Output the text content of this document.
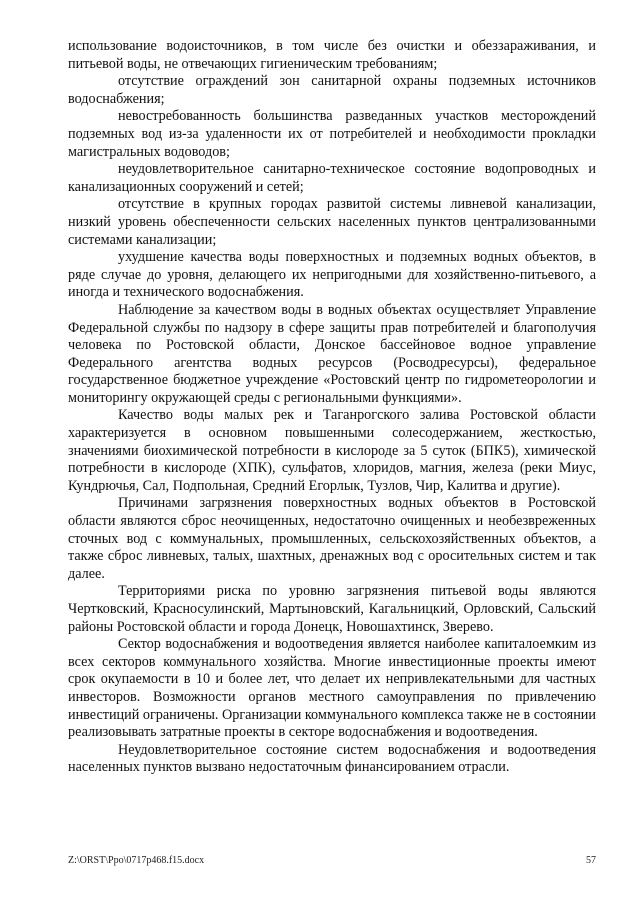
использование водоисточников, в том числе без очистки и обеззараживания, и питьевой воды, не отвечающих гигиеническим требованиям;

отсутствие ограждений зон санитарной охраны подземных источников водоснабжения;

невостребованность большинства разведанных участков месторождений подземных вод из-за удаленности их от потребителей и необходимости прокладки магистральных водоводов;

неудовлетворительное санитарно-техническое состояние водопроводных и канализационных сооружений и сетей;

отсутствие в крупных городах развитой системы ливневой канализации, низкий уровень обеспеченности сельских населенных пунктов централизованными системами канализации;

ухудшение качества воды поверхностных и подземных водных объектов, в ряде случае до уровня, делающего их непригодными для хозяйственно-питьевого, а иногда и технического водоснабжения.

Наблюдение за качеством воды в водных объектах осуществляет Управление Федеральной службы по надзору в сфере защиты прав потребителей и благополучия человека по Ростовской области, Донское бассейновое водное управление Федерального агентства водных ресурсов (Росводресурсы), федеральное государственное бюджетное учреждение «Ростовский центр по гидрометеорологии и мониторингу окружающей среды с региональными функциями».

Качество воды малых рек и Таганрогского залива Ростовской области характеризуется в основном повышенными солесодержанием, жесткостью, значениями биохимической потребности в кислороде за 5 суток (БПК5), химической потребности в кислороде (ХПК), сульфатов, хлоридов, магния, железа (реки Миус, Кундрючья, Сал, Подпольная, Средний Егорлык, Тузлов, Чир, Калитва и другие).

Причинами загрязнения поверхностных водных объектов в Ростовской области являются сброс неочищенных, недостаточно очищенных и необезвреженных сточных вод с коммунальных, промышленных, сельскохозяйственных объектов, а также сброс ливневых, талых, шахтных, дренажных вод с оросительных систем и так далее.

Территориями риска по уровню загрязнения питьевой воды являются Чертковский, Красносулинский, Мартыновский, Кагальницкий, Орловский, Сальский районы Ростовской области и города Донецк, Новошахтинск, Зверево.

Сектор водоснабжения и водоотведения является наиболее капиталоемким из всех секторов коммунального хозяйства. Многие инвестиционные проекты имеют срок окупаемости в 10 и более лет, что делает их непривлекательными для частных инвесторов. Возможности органов местного самоуправления по привлечению инвестиций ограничены. Организации коммунального комплекса также не в состоянии реализовывать затратные проекты в секторе водоснабжения и водоотведения.

Неудовлетворительное состояние систем водоснабжения и водоотведения населенных пунктов вызвано недостаточным финансированием отрасли.

Z:\ORST\Ppo\0717p468.f15.docx	57
